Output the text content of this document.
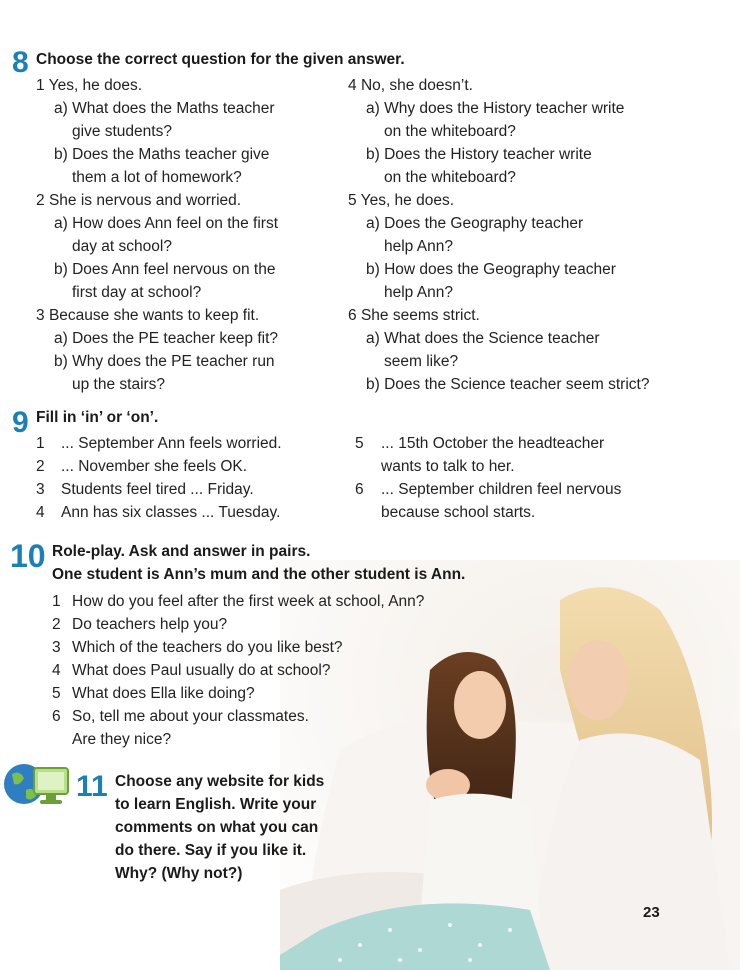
8 Choose the correct question for the given answer.
1 Yes, he does.
a) What does the Maths teacher
give students?
b) Does the Maths teacher give
them a lot of homework?
2 She is nervous and worried.
a) How does Ann feel on the first
day at school?
b) Does Ann feel nervous on the
first day at school?
3 Because she wants to keep fit.
a) Does the PE teacher keep fit?
b) Why does the PE teacher run
up the stairs?
4 No, she doesn’t.
a) Why does the History teacher write
on the whiteboard?
b) Does the History teacher write
on the whiteboard?
5 Yes, he does.
a) Does the Geography teacher
help Ann?
b) How does the Geography teacher
help Ann?
6 She seems strict.
a) What does the Science teacher
seem like?
b) Does the Science teacher seem strict?
9 Fill in ‘in’ or ‘on’.
1 ... September Ann feels worried.
2 ... November she feels OK.
3 Students feel tired ... Friday.
4 Ann has six classes ... Tuesday.
5 ... 15th October the headteacher
wants to talk to her.
6 ... September children feel nervous
because school starts.
10 Role-play. Ask and answer in pairs.
One student is Ann’s mum and the other student is Ann.
1 How do you feel after the first week at school, Ann?
2 Do teachers help you?
3 Which of the teachers do you like best?
4 What does Paul usually do at school?
5 What does Ella like doing?
6 So, tell me about your classmates.
Are they nice?
11 Choose any website for kids
to learn English. Write your
comments on what you can
do there. Say if you like it.
Why? (Why not?)
23
